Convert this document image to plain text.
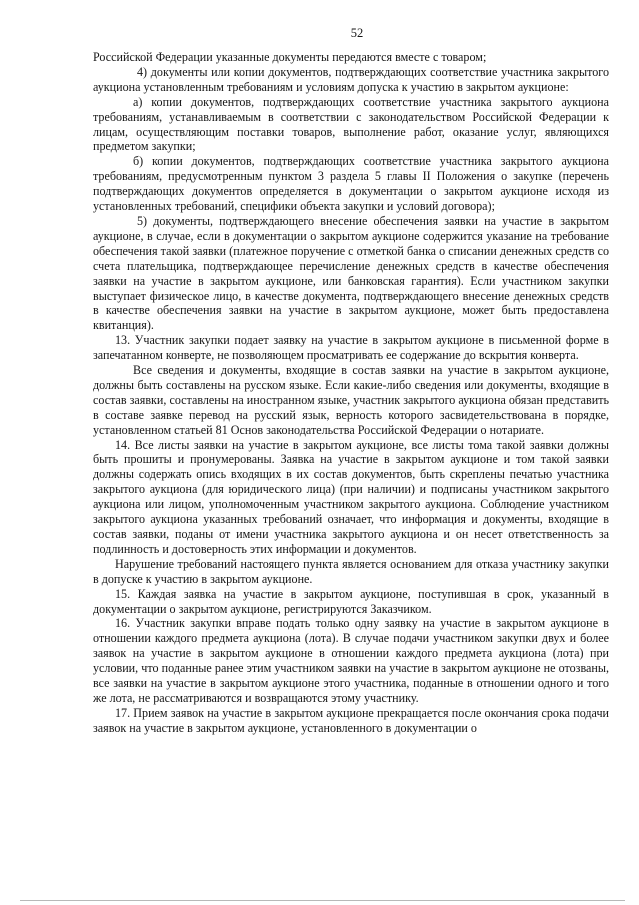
52

Российской Федерации указанные документы передаются вместе с товаром;

4) документы или копии документов, подтверждающих соответствие участника закрытого аукциона установленным требованиям и условиям допуска к участию в закрытом аукционе:

а) копии документов, подтверждающих соответствие участника закрытого аукциона требованиям, устанавливаемым в соответствии с законодательством Российской Федерации к лицам, осуществляющим поставки товаров, выполнение работ, оказание услуг, являющихся предметом закупки;

б) копии документов, подтверждающих соответствие участника закрытого аукциона требованиям, предусмотренным пунктом 3 раздела 5 главы II Положения о закупке (перечень подтверждающих документов определяется в документации о закрытом аукционе исходя из установленных требований, специфики объекта закупки и условий договора);

5) документы, подтверждающего внесение обеспечения заявки на участие в закрытом аукционе, в случае, если в документации о закрытом аукционе содержится указание на требование обеспечения такой заявки (платежное поручение с отметкой банка о списании денежных средств со счета плательщика, подтверждающее перечисление денежных средств в качестве обеспечения заявки на участие в закрытом аукционе, или банковская гарантия). Если участником закупки выступает физическое лицо, в качестве документа, подтверждающего внесение денежных средств в качестве обеспечения заявки на участие в закрытом аукционе, может быть предоставлена квитанция).

13. Участник закупки подает заявку на участие в закрытом аукционе в письменной форме в запечатанном конверте, не позволяющем просматривать ее содержание до вскрытия конверта.

Все сведения и документы, входящие в состав заявки на участие в закрытом аукционе, должны быть составлены на русском языке. Если какие-либо сведения или документы, входящие в состав заявки, составлены на иностранном языке, участник закрытого аукциона обязан представить в составе заявке перевод на русский язык, верность которого засвидетельствована в порядке, установленном статьей 81 Основ законодательства Российской Федерации о нотариате.

14. Все листы заявки на участие в закрытом аукционе, все листы тома такой заявки должны быть прошиты и пронумерованы. Заявка на участие в закрытом аукционе и том такой заявки должны содержать опись входящих в их состав документов, быть скреплены печатью участника закрытого аукциона (для юридического лица) (при наличии) и подписаны участником закрытого аукциона или лицом, уполномоченным участником закрытого аукциона. Соблюдение участником закрытого аукциона указанных требований означает, что информация и документы, входящие в состав заявки, поданы от имени участника закрытого аукциона и он несет ответственность за подлинность и достоверность этих информации и документов.

Нарушение требований настоящего пункта является основанием для отказа участнику закупки в допуске к участию в закрытом аукционе.

15. Каждая заявка на участие в закрытом аукционе, поступившая в срок, указанный в документации о закрытом аукционе, регистрируются Заказчиком.

16. Участник закупки вправе подать только одну заявку на участие в закрытом аукционе в отношении каждого предмета аукциона (лота). В случае подачи участником закупки двух и более заявок на участие в закрытом аукционе в отношении каждого предмета аукциона (лота) при условии, что поданные ранее этим участником заявки на участие в закрытом аукционе не отозваны, все заявки на участие в закрытом аукционе этого участника, поданные в отношении одного и того же лота, не рассматриваются и возвращаются этому участнику.

17. Прием заявок на участие в закрытом аукционе прекращается после окончания срока подачи заявок на участие в закрытом аукционе, установленного в документации о
